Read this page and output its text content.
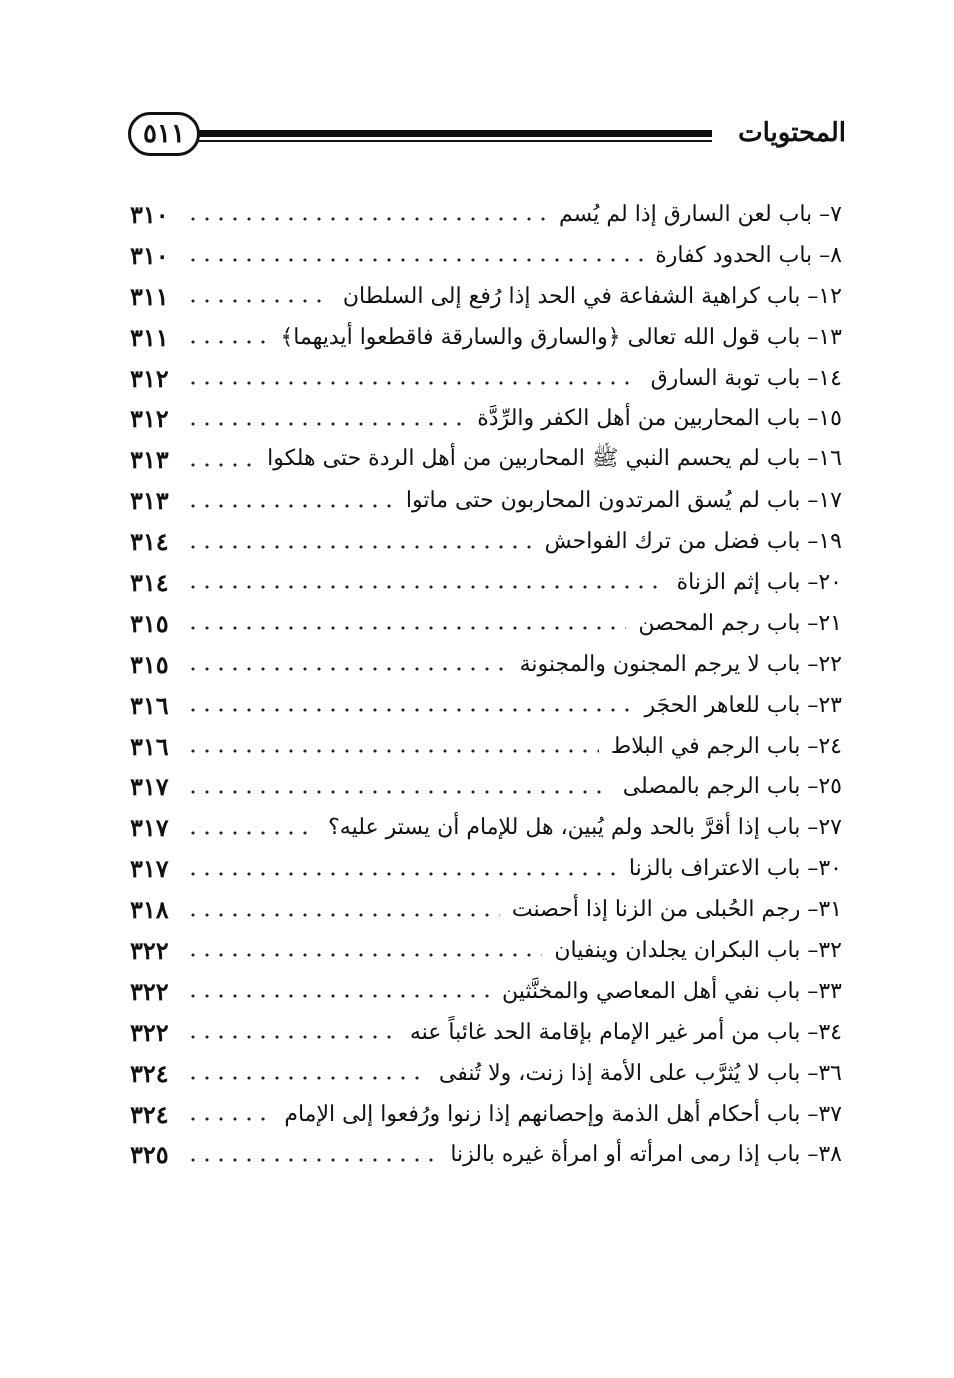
٥١١	المحتويات
٧– باب لعن السارق إذا لم يُسم
٣١٠
٨– باب الحدود كفارة
٣١٠
١٢– باب كراهية الشفاعة في الحد إذا رُفع إلى السلطان
٣١١
١٣– باب قول الله تعالى ﴿والسارق والسارقة فاقطعوا أيديهما﴾
٣١١
١٤– باب توبة السارق
٣١٢
١٥– باب المحاربين من أهل الكفر والرِّدَّة
٣١٢
١٦– باب لم يحسم النبي ﷺ المحاربين من أهل الردة حتى هلكوا
٣١٣
١٧– باب لم يُسق المرتدون المحاربون حتى ماتوا
٣١٣
١٩– باب فضل من ترك الفواحش
٣١٤
٢٠– باب إثم الزناة
٣١٤
٢١– باب رجم المحصن
٣١٥
٢٢– باب لا يرجم المجنون والمجنونة
٣١٥
٢٣– باب للعاهر الحجَر
٣١٦
٢٤– باب الرجم في البلاط
٣١٦
٢٥– باب الرجم بالمصلى
٣١٧
٢٧– باب إذا أقرَّ بالحد ولم يُبين، هل للإمام أن يستر عليه؟
٣١٧
٣٠– باب الاعتراف بالزنا
٣١٧
٣١– رجم الحُبلى من الزنا إذا أحصنت
٣١٨
٣٢– باب البكران يجلدان وينفيان
٣٢٢
٣٣– باب نفي أهل المعاصي والمخنَّثين
٣٢٢
٣٤– باب من أمر غير الإمام بإقامة الحد غائباً عنه
٣٢٢
٣٦– باب لا يُثرَّب على الأمة إذا زنت، ولا تُنفى
٣٢٤
٣٧– باب أحكام أهل الذمة وإحصانهم إذا زنوا ورُفعوا إلى الإمام
٣٢٤
٣٨– باب إذا رمى امرأته أو امرأة غيره بالزنا
٣٢٥
